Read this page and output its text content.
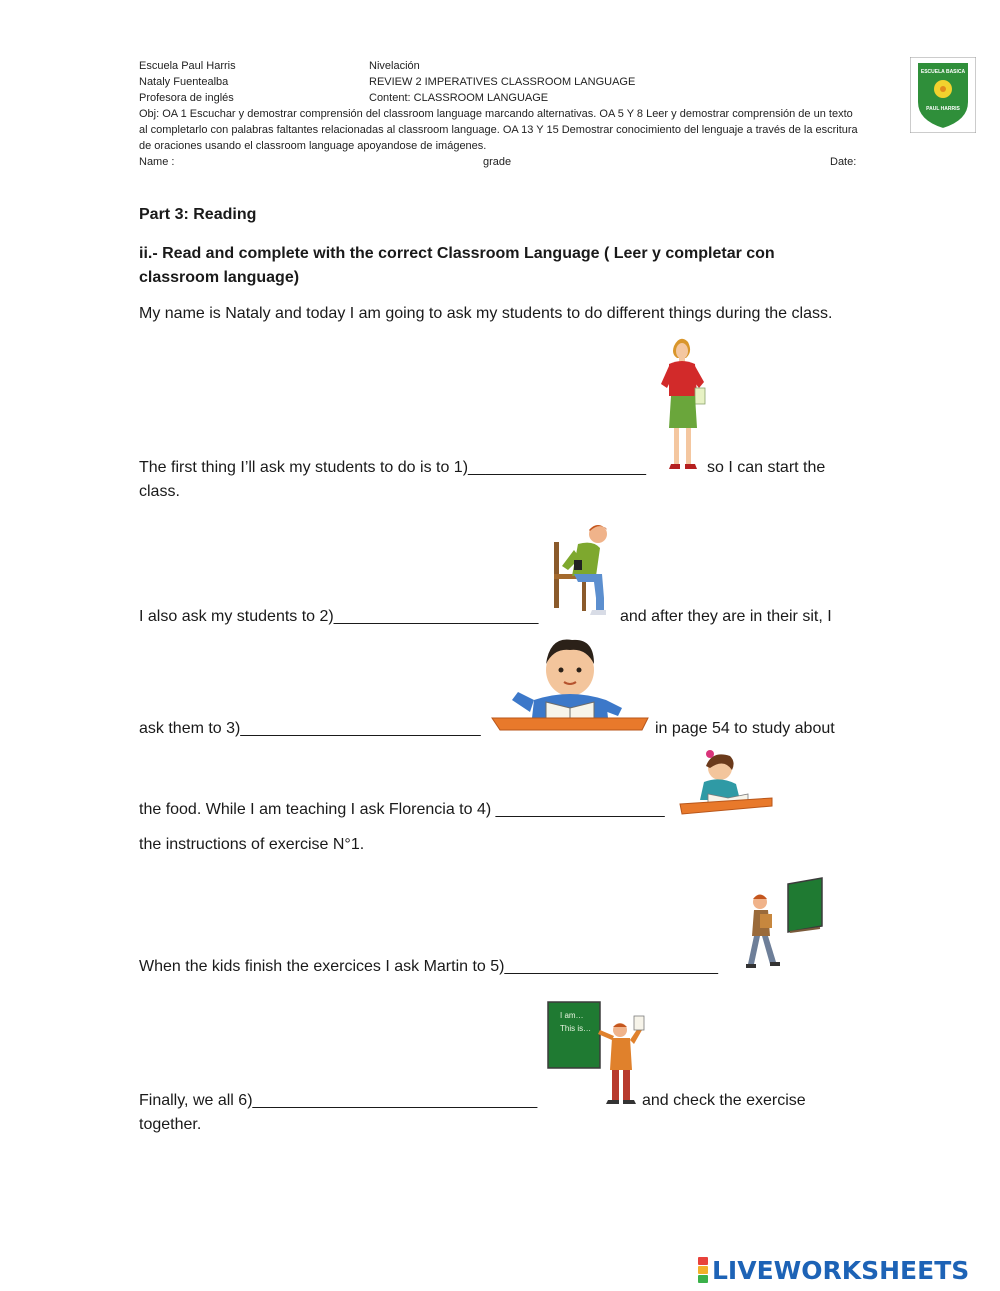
Escuela Paul Harris
Nataly Fuentealba
Profesora de inglés
Nivelación
REVIEW 2 IMPERATIVES CLASSROOM LANGUAGE
Content: CLASSROOM LANGUAGE
Obj: OA 1 Escuchar y demostrar comprensión del classroom language marcando alternativas. OA 5 Y 8 Leer y demostrar comprensión de un texto al completarlo con palabras faltantes relacionadas al classroom language. OA 13 Y 15 Demostrar conocimiento del lenguaje a través de la escritura de oraciones usando el classroom language apoyandose de imágenes.
Name :	grade	Date:
ESCUELA BASICA
PAUL HARRIS
Part 3: Reading
ii.- Read and complete with the correct Classroom Language ( Leer y completar con classroom language)
My name is Nataly and today I am going to ask my students to do different things during the class.
The first thing I’ll ask my students to do is to 1)____________________	so I can start the
class.
I also ask my students to 2)_______________________	and after they are in their sit, I
ask them to 3)___________________________	in page 54 to study about
the food. While I am teaching I ask Florencia to 4) ___________________
the instructions of exercise N°1.
When the kids finish the exercices I ask Martin to 5)________________________
I am…
This is…
Finally, we all 6)________________________________	and check the exercise
together.
LIVEWORKSHEETS
